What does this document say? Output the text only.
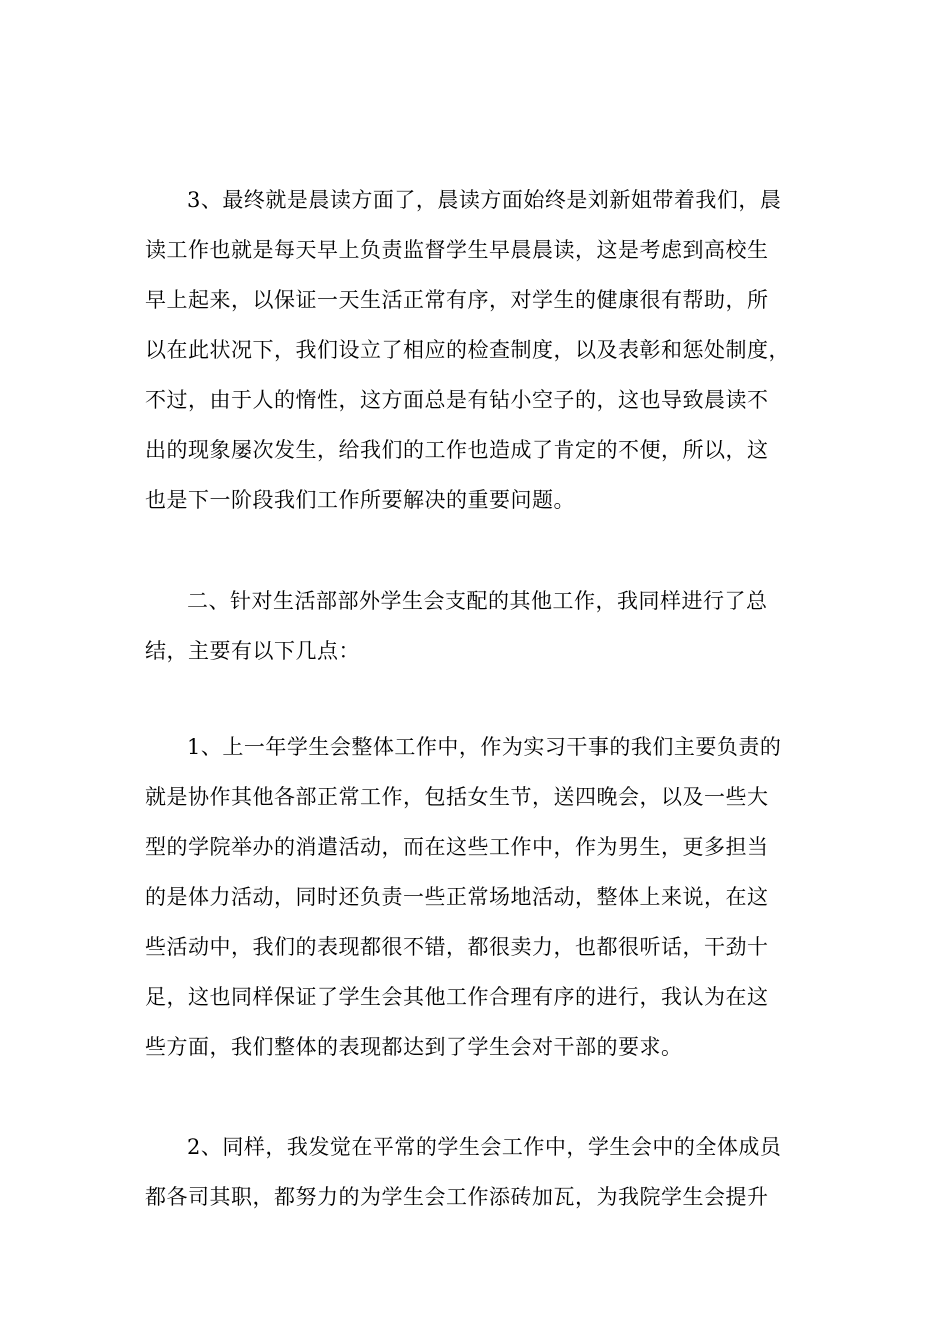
3、最终就是晨读方面了，晨读方面始终是刘新姐带着我们，晨
读工作也就是每天早上负责监督学生早晨晨读，这是考虑到高校生
早上起来，以保证一天生活正常有序，对学生的健康很有帮助，所
以在此状况下，我们设立了相应的检查制度，以及表彰和惩处制度，
不过，由于人的惰性，这方面总是有钻小空子的，这也导致晨读不
出的现象屡次发生，给我们的工作也造成了肯定的不便，所以，这
也是下一阶段我们工作所要解决的重要问题。
二、针对生活部部外学生会支配的其他工作，我同样进行了总
结，主要有以下几点：
1、上一年学生会整体工作中，作为实习干事的我们主要负责的
就是协作其他各部正常工作，包括女生节，送四晚会，以及一些大
型的学院举办的消遣活动，而在这些工作中，作为男生，更多担当
的是体力活动，同时还负责一些正常场地活动，整体上来说，在这
些活动中，我们的表现都很不错，都很卖力，也都很听话，干劲十
足，这也同样保证了学生会其他工作合理有序的进行，我认为在这
些方面，我们整体的表现都达到了学生会对干部的要求。
2、同样，我发觉在平常的学生会工作中，学生会中的全体成员
都各司其职，都努力的为学生会工作添砖加瓦，为我院学生会提升
